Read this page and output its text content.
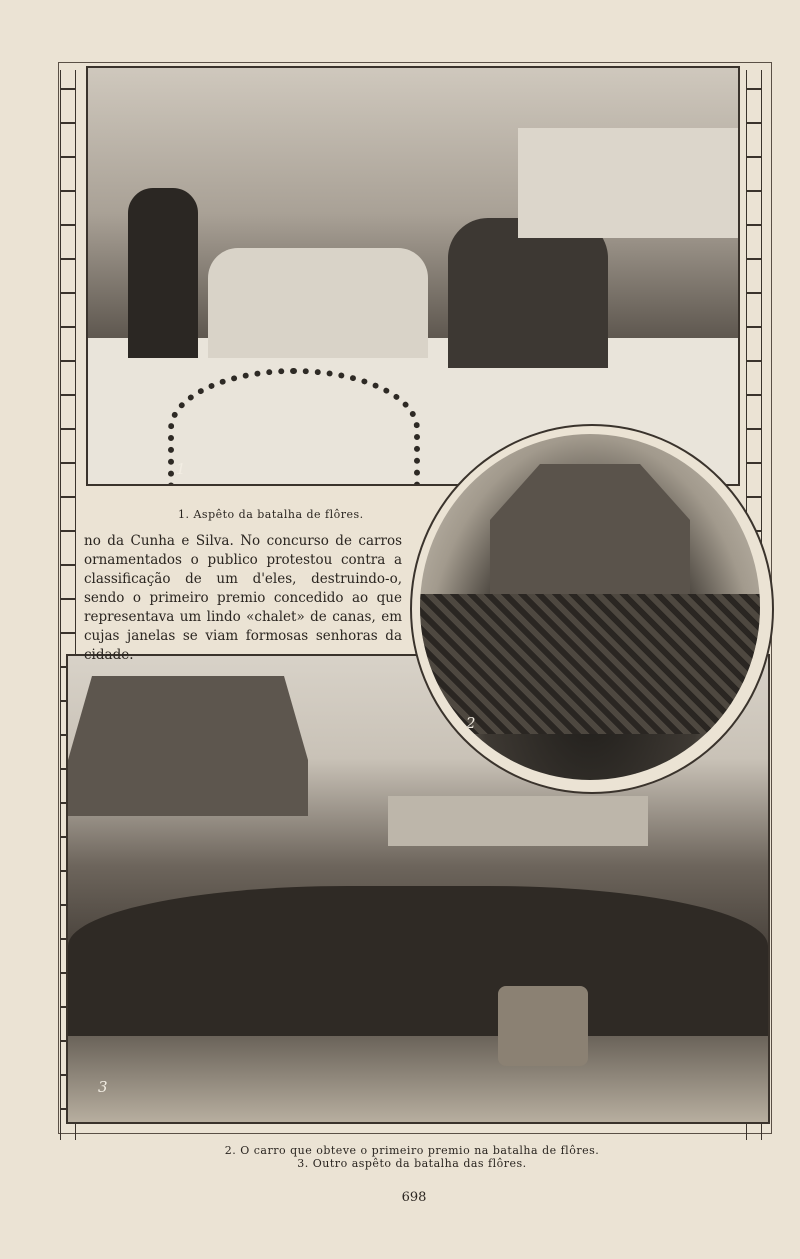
1
3
2
1. Aspêto da batalha de flôres.

no da Cunha e Silva. No concurso de carros ornamentados o publico protestou contra a classificação de um d'eles, destruindo-o, sendo o primeiro premio concedido ao que representava um lindo «chalet» de canas, em cujas janelas se viam formosas senhoras da cidade.

2. O carro que obteve o primeiro premio na batalha de flôres.
3. Outro aspêto da batalha das flôres.
698
